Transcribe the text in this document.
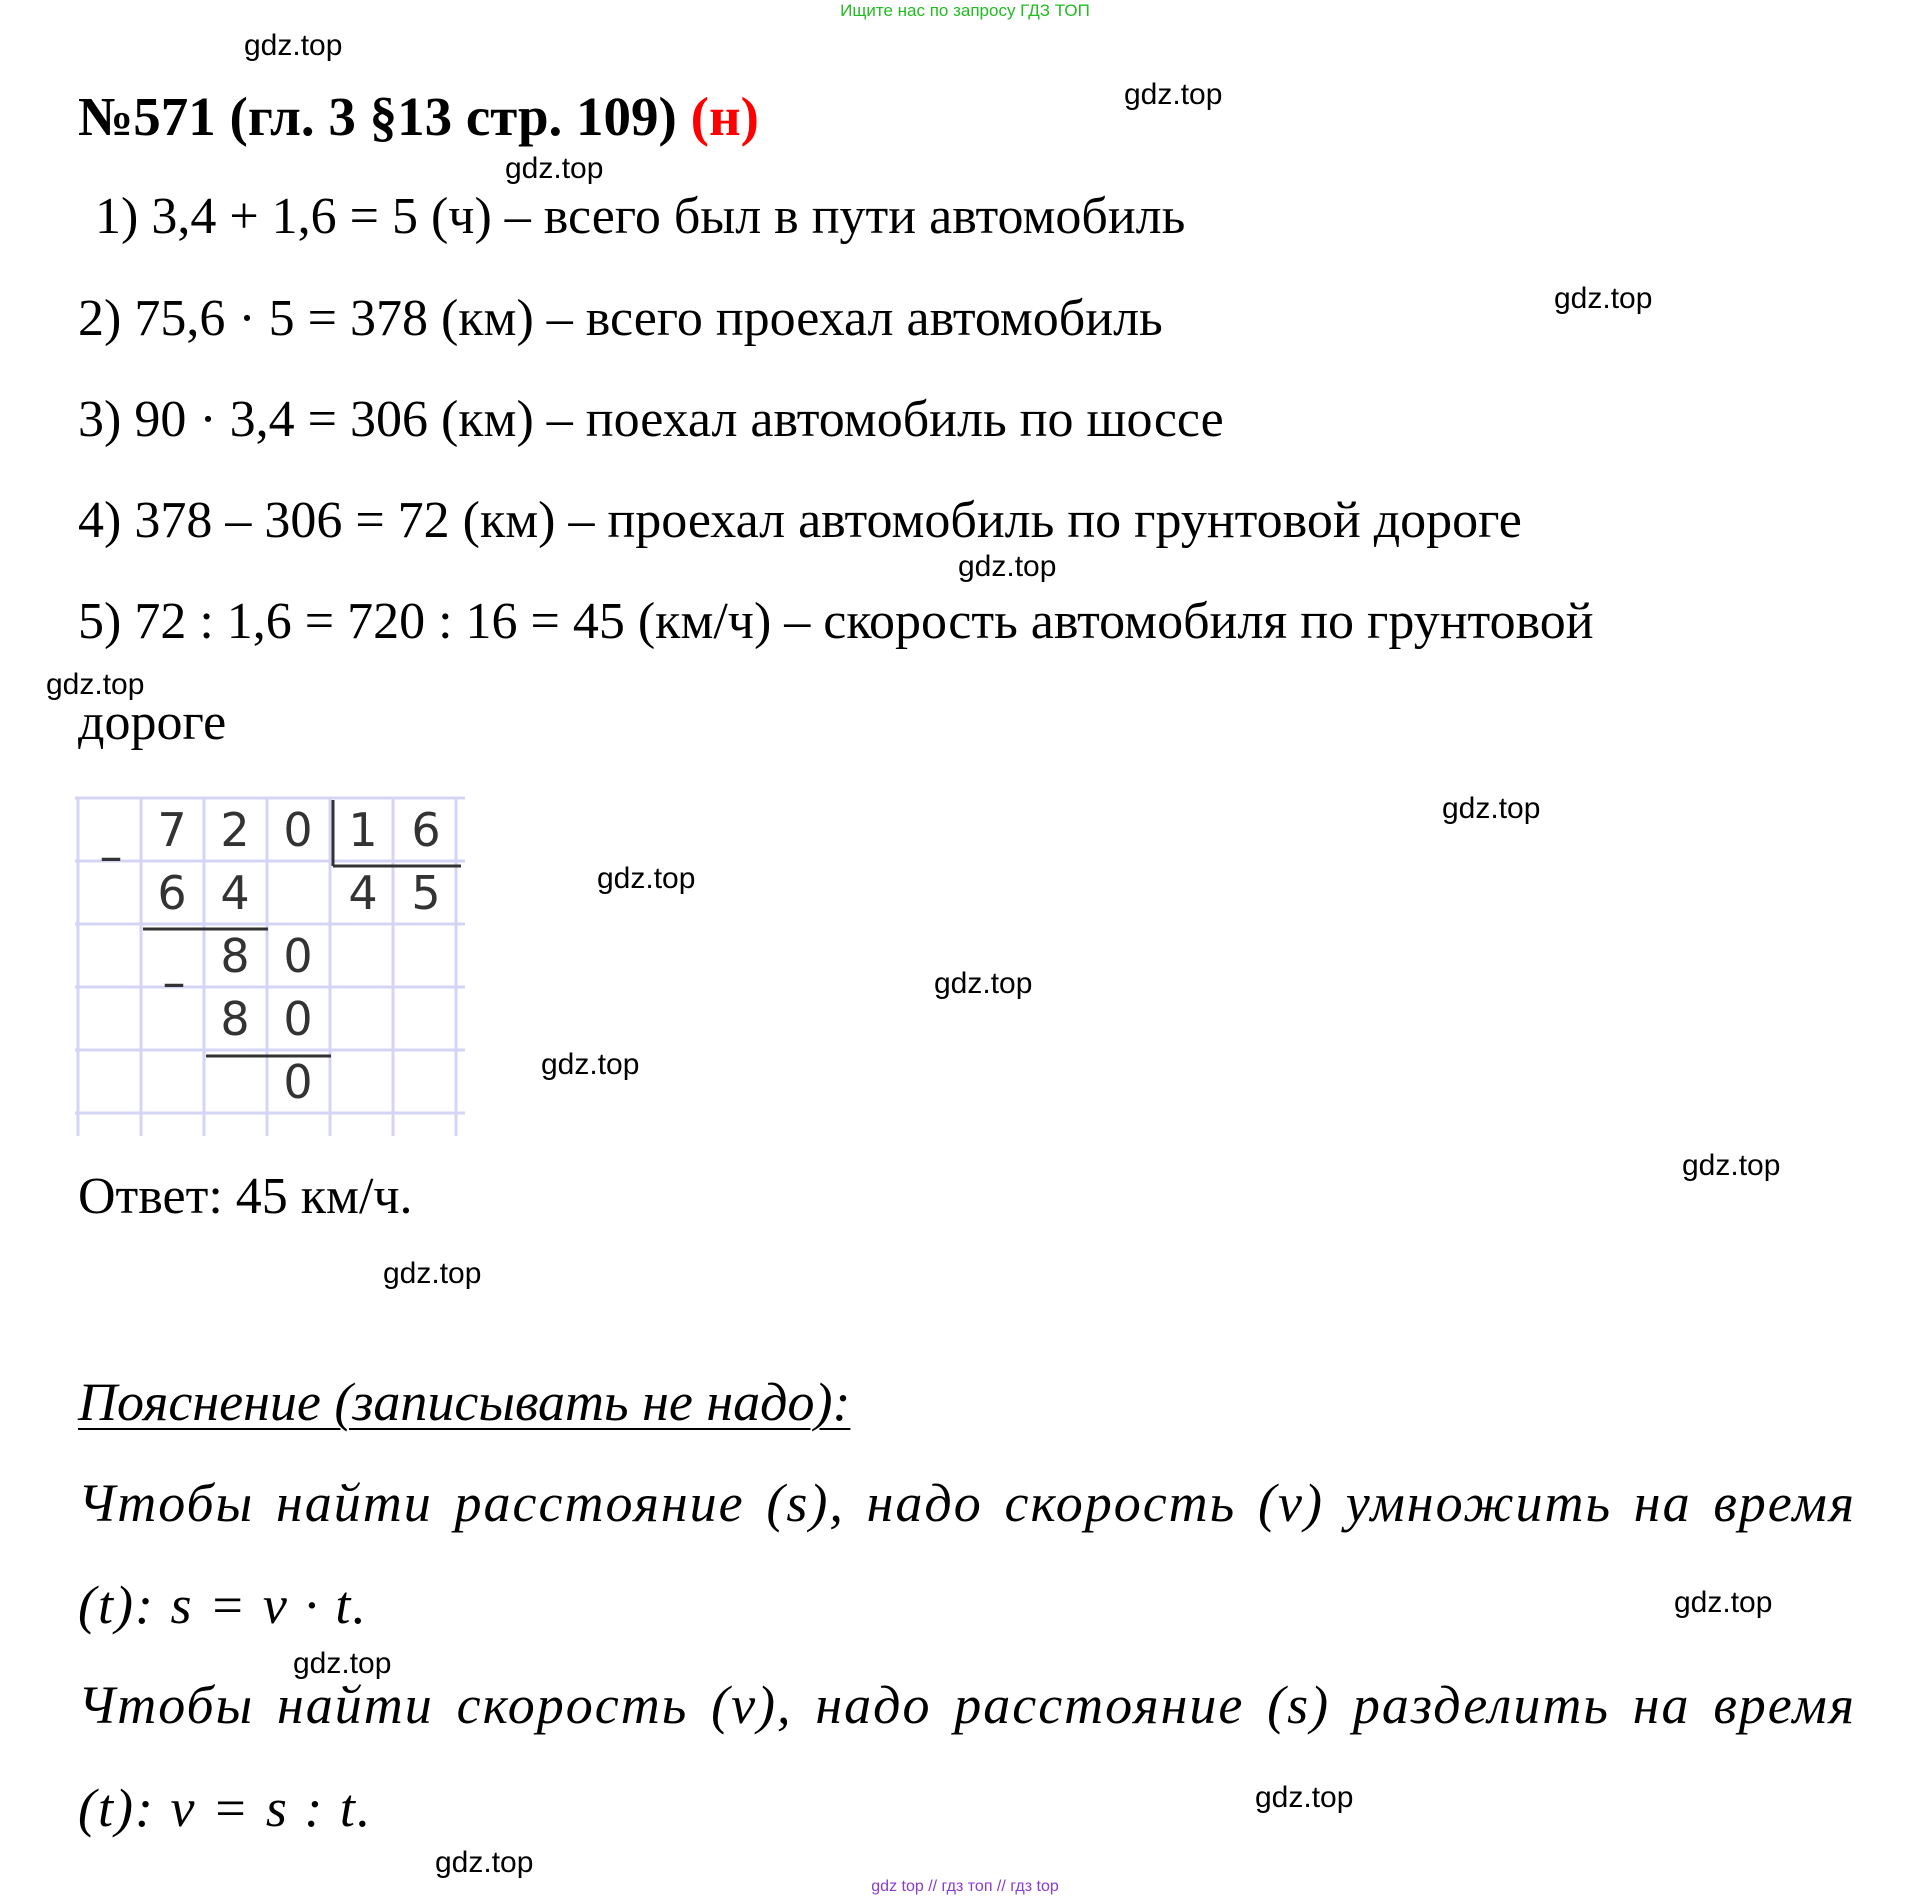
Ищите нас по запросу ГДЗ ТОП
№571 (гл. 3 §13 стр. 109) (н)
1) 3,4 + 1,6 = 5 (ч) – всего был в пути автомобиль
2) 75,6 · 5 = 378 (км) – всего проехал автомобиль
3) 90 · 3,4 = 306 (км) – поехал автомобиль по шоссе
4) 378 – 306 = 72 (км) – проехал автомобиль по грунтовой дороге
5) 72 : 1,6 = 720 : 16 = 45 (км/ч) – скорость автомобиля по грунтовой
дороге
–
–
7 2 0 1 6
6 4 4 5
8 0
8 0
0
Ответ: 45 км/ч.
Пояснение (записывать не надо):
Чтобы найти расстояние (s), надо скорость (v) умножить на время
(t): s = v · t.
Чтобы найти скорость (v), надо расстояние (s) разделить на время
(t): v = s : t.
gdz.top
gdz.top
gdz.top
gdz.top
gdz.top
gdz.top
gdz.top
gdz.top
gdz.top
gdz.top
gdz.top
gdz.top
gdz.top
gdz.top
gdz.top
gdz.top
gdz top // гдз топ // гдз top
